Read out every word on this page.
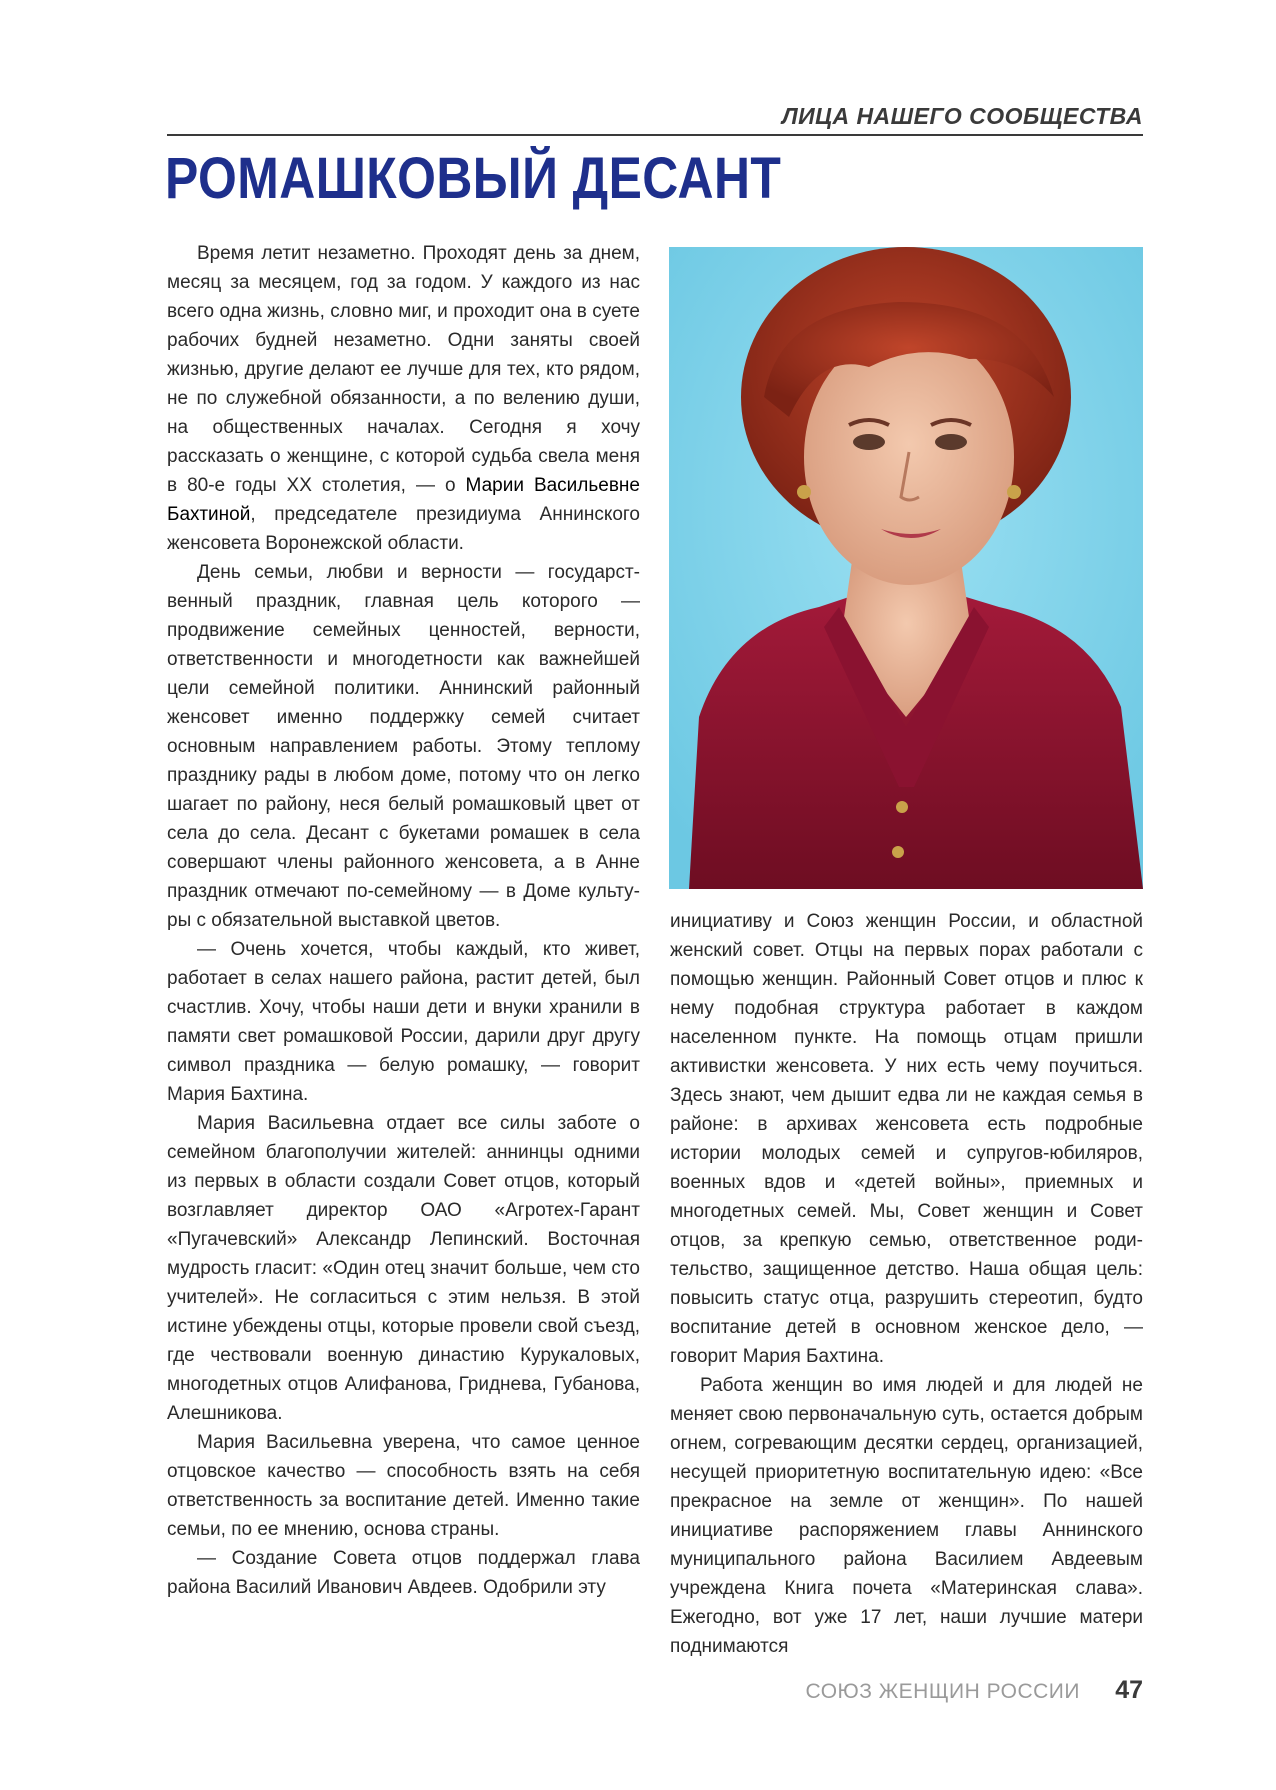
ЛИЦА НАШЕГО СООБЩЕСТВА
РОМАШКОВЫЙ ДЕСАНТ

Время летит незаметно. Проходят день за днем, месяц за месяцем, год за годом. У каждого из нас всего одна жизнь, словно миг, и проходит она в суете рабочих будней незаметно. Одни заняты своей жизнью, другие делают ее лучше для тех, кто рядом, не по служебной обязанности, а по велению души, на общественных началах. Сегодня я хочу рассказать о женщине, с которой судьба свела меня в 80-е годы XX столетия, — о Марии Васильевне Бахтиной, председателе президиума Аннинского женсовета Воронежской области.

День семьи, любви и верности — государственный праздник, главная цель которого — продвижение семейных ценностей, верности, ответственности и многодетности как важнейшей цели семейной политики. Аннинский районный женсовет именно поддержку семей считает основным направлением работы. Этому теплому празднику рады в любом доме, потому что он легко шагает по району, неся белый ромашковый цвет от села до села. Десант с букетами ромашек в села совершают члены районного женсовета, а в Анне праздник отмечают по-семейному — в Доме культу-ры с обязательной выставкой цветов.

— Очень хочется, чтобы каждый, кто живет, работает в селах нашего района, растит детей, был счастлив. Хочу, чтобы наши дети и внуки хранили в памяти свет ромашковой России, дарили друг другу символ праздника — белую ромашку, — говорит Мария Бахтина.

Мария Васильевна отдает все силы заботе о семейном благополучии жителей: аннинцы одними из первых в области создали Совет отцов, который возглавляет директор ОАО «Агротех-Гарант «Пугачевский» Александр Лепинский. Восточная мудрость гласит: «Один отец значит больше, чем сто учителей». Не согласиться с этим нельзя. В этой истине убеждены отцы, которые провели свой съезд, где чествовали военную династию Курукаловых, многодетных отцов Алифанова, Гриднева, Губанова, Алешникова.

Мария Васильевна уверена, что самое ценное отцовское качество — способность взять на себя ответственность за воспитание детей. Именно такие семьи, по ее мнению, основа страны.

— Создание Совета отцов поддержал глава района Василий Иванович Авдеев. Одобрили эту

инициативу и Союз женщин России, и областной женский совет. Отцы на первых порах работали с помощью женщин. Районный Совет отцов и плюс к нему подобная структура работает в каждом населенном пункте. На помощь отцам пришли активистки женсовета. У них есть чему поучиться. Здесь знают, чем дышит едва ли не каждая семья в районе: в архивах женсовета есть подробные истории молодых семей и супругов-юбиляров, военных вдов и «детей войны», приемных и многодетных семей. Мы, Совет женщин и Совет отцов, за крепкую семью, ответственное родительство, защищенное детство. Наша общая цель: повысить статус отца, разрушить стереотип, будто воспитание детей в основном женское дело, — говорит Мария Бахтина.

Работа женщин во имя людей и для людей не меняет свою первоначальную суть, остается добрым огнем, согревающим десятки сердец, организацией, несущей приоритетную воспитательную идею: «Все прекрасное на земле от женщин». По нашей инициативе распоряжением главы Аннинского муниципального района Василием Авдеевым учреждена Книга почета «Материнская слава». Ежегодно, вот уже 17 лет, наши лучшие матери поднимаются

СОЮЗ ЖЕНЩИН РОССИИ 47
